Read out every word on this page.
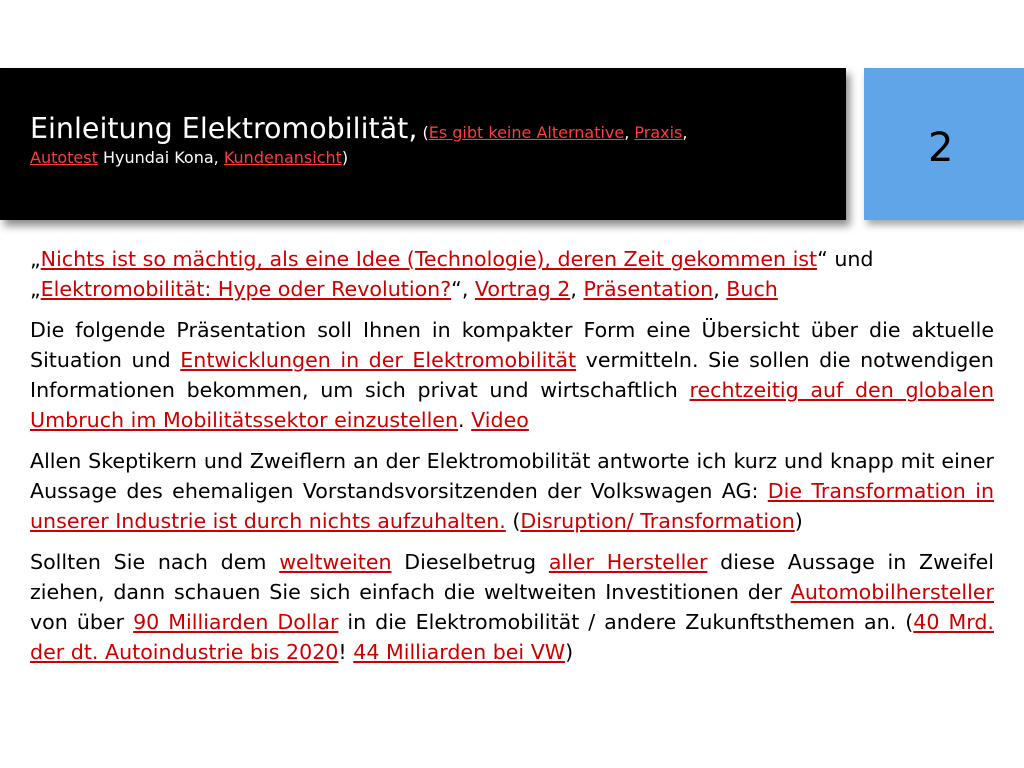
Einleitung Elektromobilität, (Es gibt keine Alternative, Praxis,
Autotest Hyundai Kona, Kundenansicht)	2

„Nichts ist so mächtig, als eine Idee (Technologie), deren Zeit gekommen ist“ und
„Elektromobilität: Hype oder Revolution?“, Vortrag 2, Präsentation, Buch

Die folgende Präsentation soll Ihnen in kompakter Form eine Übersicht über die aktuelle Situation und Entwicklungen in der Elektromobilität vermitteln. Sie sollen die notwendigen Informationen bekommen, um sich privat und wirtschaftlich rechtzeitig auf den globalen Umbruch im Mobilitätssektor einzustellen. Video

Allen Skeptikern und Zweiflern an der Elektromobilität antworte ich kurz und knapp mit einer Aussage des ehemaligen Vorstandsvorsitzenden der Volkswagen AG: Die Transformation in unserer Industrie ist durch nichts aufzuhalten. (Disruption/ Transformation)

Sollten Sie nach dem weltweiten Dieselbetrug aller Hersteller diese Aussage in Zweifel ziehen, dann schauen Sie sich einfach die weltweiten Investitionen der Automobilhersteller von über 90 Milliarden Dollar in die Elektromobilität / andere Zukunftsthemen an. (40 Mrd. der dt. Autoindustrie bis 2020! 44 Milliarden bei VW)
